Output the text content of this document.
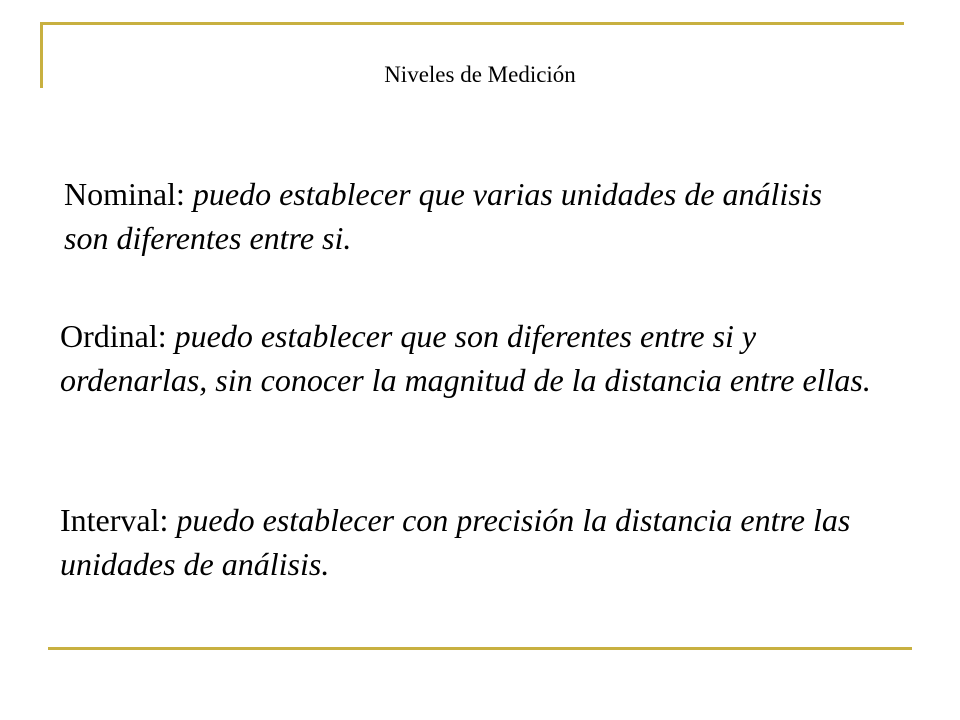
Niveles de Medición

Nominal: puedo establecer que varias unidades de análisis son diferentes entre si.

Ordinal: puedo establecer que son diferentes entre si y ordenarlas, sin conocer la magnitud de la distancia entre ellas.

Interval: puedo establecer con precisión la distancia entre las unidades de análisis.
